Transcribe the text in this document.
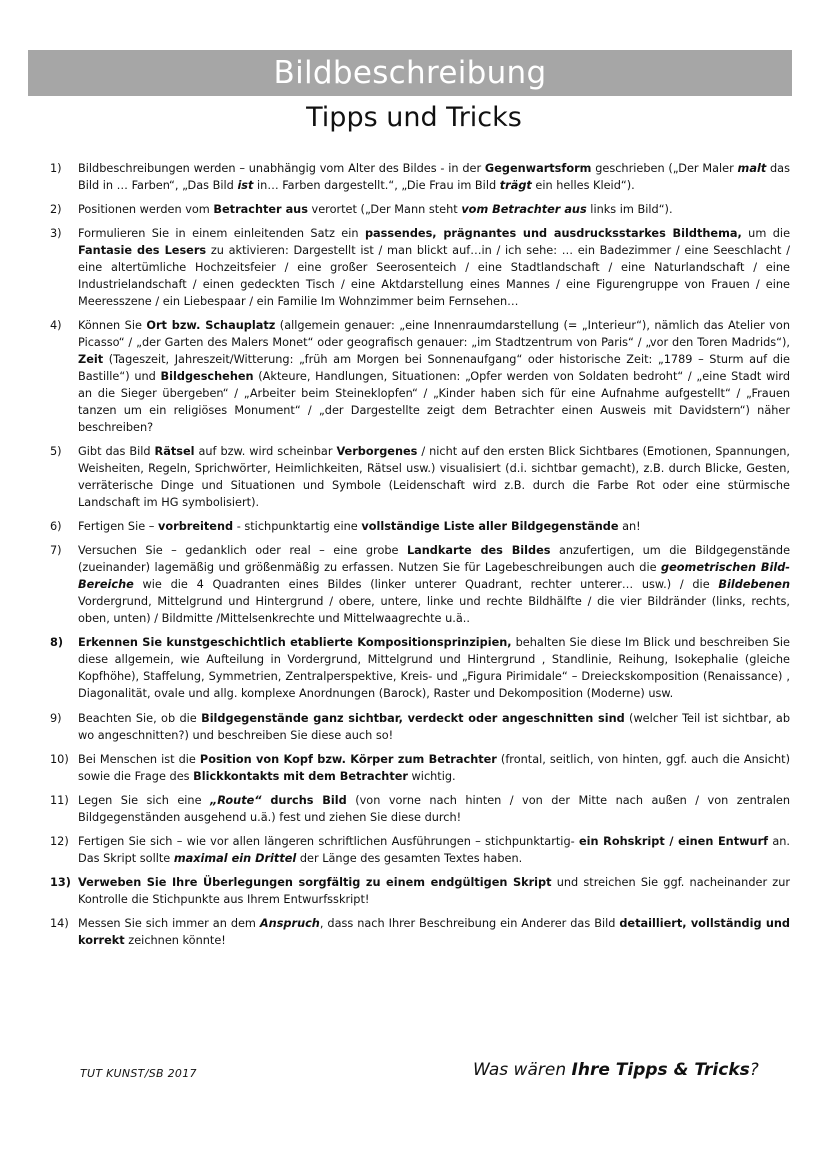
Bildbeschreibung
Tipps und Tricks
1) Bildbeschreibungen werden – unabhängig vom Alter des Bildes - in der Gegenwartsform geschrieben („Der Maler malt das Bild in … Farben“, „Das Bild ist in… Farben dargestellt.“, „Die Frau im Bild trägt ein helles Kleid“).
2) Positionen werden vom Betrachter aus verortet („Der Mann steht vom Betrachter aus links im Bild“).
3) Formulieren Sie in einem einleitenden Satz ein passendes, prägnantes und ausdrucksstarkes Bildthema, um die Fantasie des Lesers zu aktivieren: Dargestellt ist / man blickt auf…in / ich sehe: … ein Badezimmer / eine Seeschlacht / eine altertümliche Hochzeitsfeier / eine großer Seerosenteich / eine Stadtlandschaft / eine Naturlandschaft / eine Industrielandschaft / einen gedeckten Tisch / eine Aktdarstellung eines Mannes / eine Figurengruppe von Frauen / eine Meeresszene / ein Liebespaar / ein Familie Im Wohnzimmer beim Fernsehen…
4) Können Sie Ort bzw. Schauplatz (allgemein genauer: „eine Innenraumdarstellung (= „Interieur“), nämlich das Atelier von Picasso“ / „der Garten des Malers Monet“ oder geografisch genauer: „im Stadtzentrum von Paris“ / „vor den Toren Madrids“), Zeit (Tageszeit, Jahreszeit/Witterung: „früh am Morgen bei Sonnenaufgang“ oder historische Zeit: „1789 – Sturm auf die Bastille“) und Bildgeschehen (Akteure, Handlungen, Situationen: „Opfer werden von Soldaten bedroht“ / „eine Stadt wird an die Sieger übergeben“ / „Arbeiter beim Steineklopfen“ / „Kinder haben sich für eine Aufnahme aufgestellt“ / „Frauen tanzen um ein religiöses Monument“ / „der Dargestellte zeigt dem Betrachter einen Ausweis mit Davidstern“) näher beschreiben?
5) Gibt das Bild Rätsel auf bzw. wird scheinbar Verborgenes / nicht auf den ersten Blick Sichtbares (Emotionen, Spannungen, Weisheiten, Regeln, Sprichwörter, Heimlichkeiten, Rätsel usw.) visualisiert (d.i. sichtbar gemacht), z.B. durch Blicke, Gesten, verräterische Dinge und Situationen und Symbole (Leidenschaft wird z.B. durch die Farbe Rot oder eine stürmische Landschaft im HG symbolisiert).
6) Fertigen Sie – vorbreitend - stichpunktartig eine vollständige Liste aller Bildgegenstände an!
7) Versuchen Sie – gedanklich oder real – eine grobe Landkarte des Bildes anzufertigen, um die Bildgegenstände (zueinander) lagemäßig und größenmäßig zu erfassen. Nutzen Sie für Lagebeschreibungen auch die geometrischen Bild-Bereiche wie die 4 Quadranten eines Bildes (linker unterer Quadrant, rechter unterer… usw.) / die Bildebenen Vordergrund, Mittelgrund und Hintergrund / obere, untere, linke und rechte Bildhälfte / die vier Bildränder (links, rechts, oben, unten) / Bildmitte /Mittelsenkrechte und Mittelwaagrechte u.ä..
8) Erkennen Sie kunstgeschichtlich etablierte Kompositionsprinzipien, behalten Sie diese Im Blick und beschreiben Sie diese allgemein, wie Aufteilung in Vordergrund, Mittelgrund und Hintergrund , Standlinie, Reihung, Isokephalie (gleiche Kopfhöhe), Staffelung, Symmetrien, Zentralperspektive, Kreis- und „Figura Pirimidale“ – Dreieckskomposition (Renaissance) , Diagonalität, ovale und allg. komplexe Anordnungen (Barock), Raster und Dekomposition (Moderne) usw.
9) Beachten Sie, ob die Bildgegenstände ganz sichtbar, verdeckt oder angeschnitten sind (welcher Teil ist sichtbar, ab wo angeschnitten?) und beschreiben Sie diese auch so!
10) Bei Menschen ist die Position von Kopf bzw. Körper zum Betrachter (frontal, seitlich, von hinten, ggf. auch die Ansicht) sowie die Frage des Blickkontakts mit dem Betrachter wichtig.
11) Legen Sie sich eine „Route“ durchs Bild (von vorne nach hinten / von der Mitte nach außen / von zentralen Bildgegenständen ausgehend u.ä.) fest und ziehen Sie diese durch!
12) Fertigen Sie sich – wie vor allen längeren schriftlichen Ausführungen – stichpunktartig- ein Rohskript / einen Entwurf an. Das Skript sollte maximal ein Drittel der Länge des gesamten Textes haben.
13) Verweben Sie Ihre Überlegungen sorgfältig zu einem endgültigen Skript und streichen Sie ggf. nacheinander zur Kontrolle die Stichpunkte aus Ihrem Entwurfsskript!
14) Messen Sie sich immer an dem Anspruch, dass nach Ihrer Beschreibung ein Anderer das Bild detailliert, vollständig und korrekt zeichnen könnte!
TUT KUNST/SB 2017	Was wären Ihre Tipps & Tricks?
